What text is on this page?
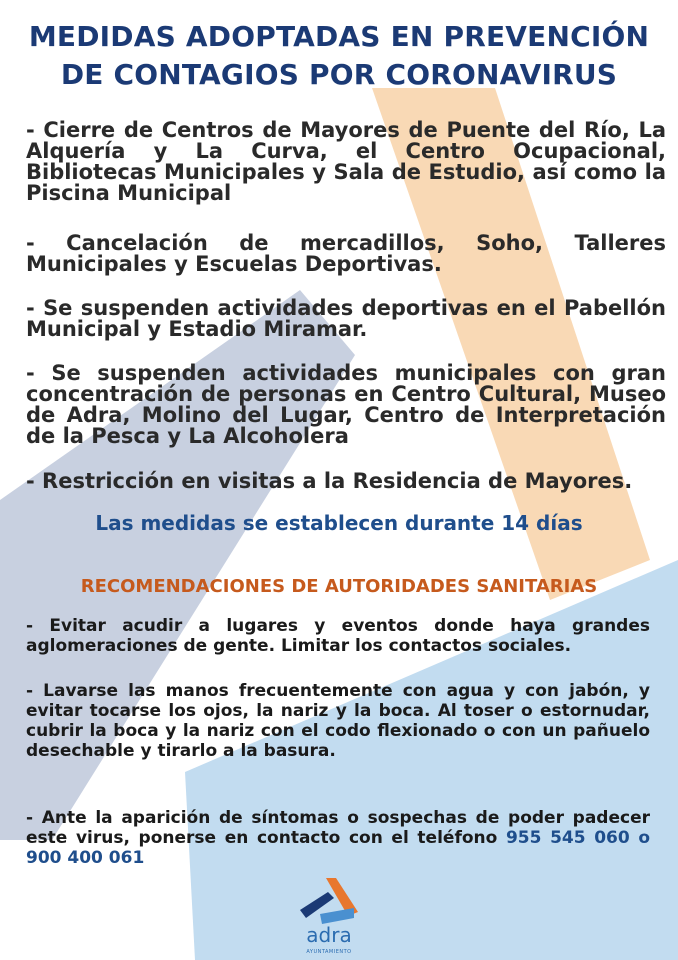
MEDIDAS ADOPTADAS EN PREVENCIÓN
DE CONTAGIOS POR CORONAVIRUS

- Cierre de Centros de Mayores de Puente del Río, La Alquería y La Curva, el Centro Ocupacional, Bibliotecas Municipales y Sala de Estudio, así como la Piscina Municipal

- Cancelación de mercadillos, Soho, Talleres Municipales y Escuelas Deportivas.

- Se suspenden actividades deportivas en el Pabellón Municipal y Estadio Miramar.

- Se suspenden actividades municipales con gran concentración de personas en Centro Cultural, Museo de Adra, Molino del Lugar, Centro de Interpretación de la Pesca y La Alcoholera

- Restricción en visitas a la Residencia de Mayores.

Las medidas se establecen durante 14 días

RECOMENDACIONES DE AUTORIDADES SANITARIAS

- Evitar acudir a lugares y eventos donde haya grandes aglomeraciones de gente. Limitar los contactos sociales.

- Lavarse las manos frecuentemente con agua y con jabón, y evitar tocarse los ojos, la nariz y la boca. Al toser o estornudar, cubrir la boca y la nariz con el codo flexionado o con un pañuelo desechable y tirarlo a la basura.

- Ante la aparición de síntomas o sospechas de poder padecer este virus, ponerse en contacto con el teléfono 955 545 060 o 900 400 061

adra
AYUNTAMIENTO
